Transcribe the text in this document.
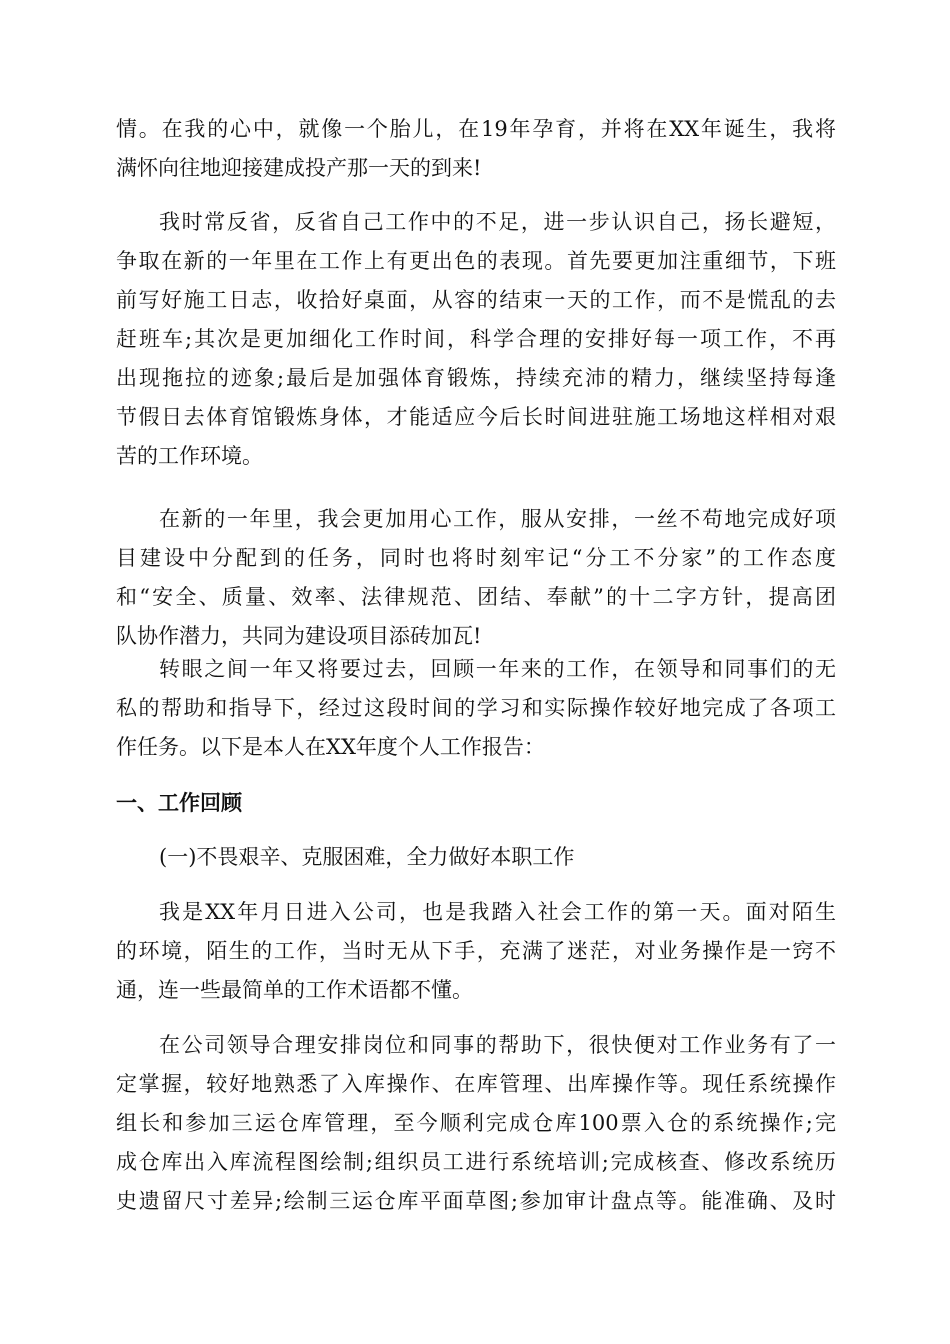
情。在我的心中，就像一个胎儿，在19年孕育，并将在XX年诞生，我将
满怀向往地迎接建成投产那一天的到来!
我时常反省，反省自己工作中的不足，进一步认识自己，扬长避短，
争取在新的一年里在工作上有更出色的表现。首先要更加注重细节，下班
前写好施工日志，收拾好桌面，从容的结束一天的工作，而不是慌乱的去
赶班车;其次是更加细化工作时间，科学合理的安排好每一项工作，不再
出现拖拉的迹象;最后是加强体育锻炼，持续充沛的精力，继续坚持每逢
节假日去体育馆锻炼身体，才能适应今后长时间进驻施工场地这样相对艰
苦的工作环境。
在新的一年里，我会更加用心工作，服从安排，一丝不苟地完成好项
目建设中分配到的任务，同时也将时刻牢记“分工不分家”的工作态度
和“安全、质量、效率、法律规范、团结、奉献”的十二字方针，提高团
队协作潜力，共同为建设项目添砖加瓦!
转眼之间一年又将要过去，回顾一年来的工作，在领导和同事们的无
私的帮助和指导下，经过这段时间的学习和实际操作较好地完成了各项工
作任务。以下是本人在XX年度个人工作报告：
一、工作回顾
(一)不畏艰辛、克服困难，全力做好本职工作
我是XX年月日进入公司，也是我踏入社会工作的第一天。面对陌生
的环境，陌生的工作，当时无从下手，充满了迷茫，对业务操作是一窍不
通，连一些最简单的工作术语都不懂。
在公司领导合理安排岗位和同事的帮助下，很快便对工作业务有了一
定掌握，较好地熟悉了入库操作、在库管理、出库操作等。现任系统操作
组长和参加三运仓库管理，至今顺利完成仓库100票入仓的系统操作;完
成仓库出入库流程图绘制;组织员工进行系统培训;完成核查、修改系统历
史遗留尺寸差异;绘制三运仓库平面草图;参加审计盘点等。能准确、及时
